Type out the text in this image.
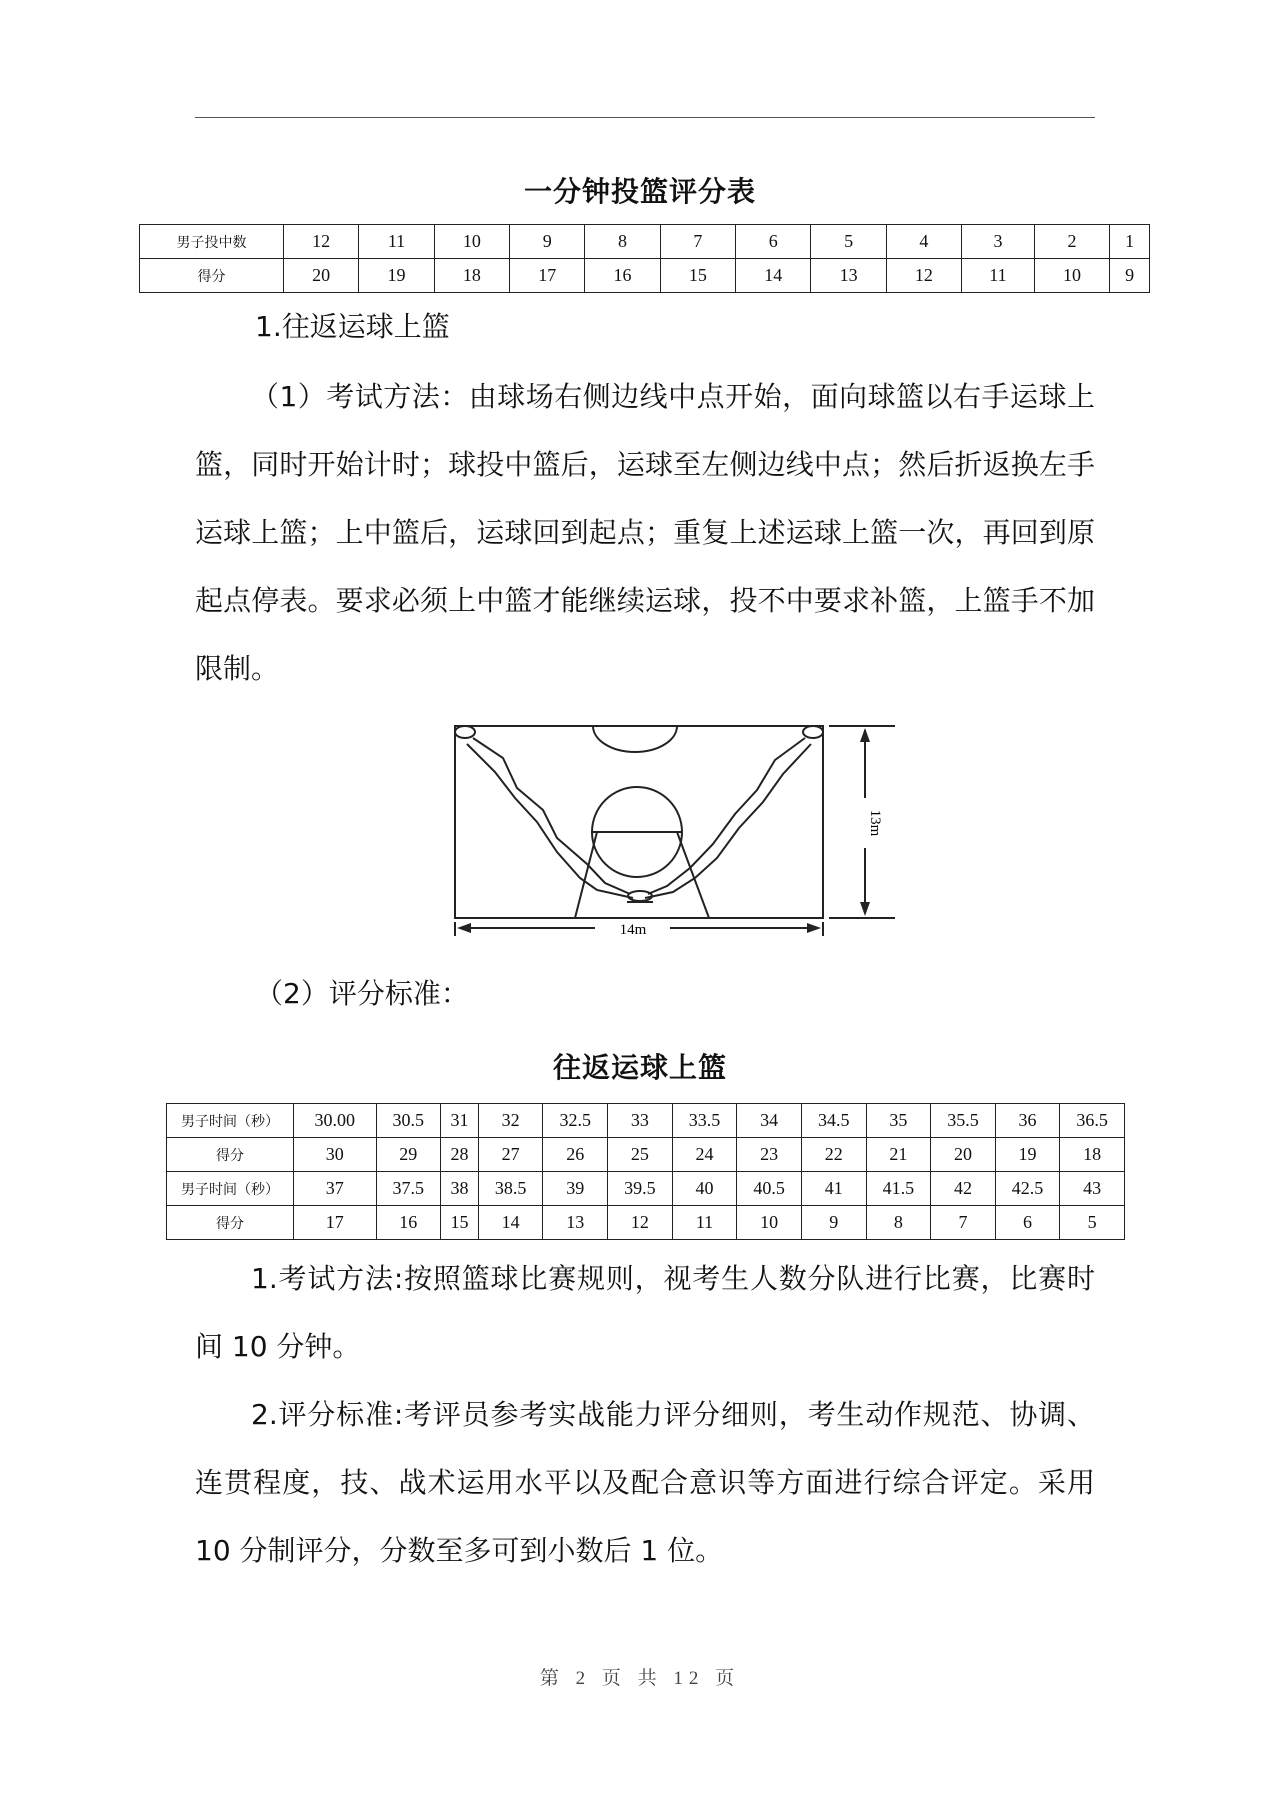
一分钟投篮评分表
男子投中数	12	11	10	9	8	7	6	5	4	3	2	1
得分	20	19	18	17	16	15	14	13	12	11	10	9
1.往返运球上篮
（1）考试方法：由球场右侧边线中点开始，面向球篮以右手运球上篮，同时开始计时；球投中篮后，运球至左侧边线中点；然后折返换左手运球上篮；上中篮后，运球回到起点；重复上述运球上篮一次，再回到原起点停表。要求必须上中篮才能继续运球，投不中要求补篮，上篮手不加限制。
14m
13m
（2）评分标准：
往返运球上篮
男子时间（秒）	30.00	30.5	31	32	32.5	33	33.5	34	34.5	35	35.5	36	36.5
得分	30	29	28	27	26	25	24	23	22	21	20	19	18
男子时间（秒）	37	37.5	38	38.5	39	39.5	40	40.5	41	41.5	42	42.5	43
得分	17	16	15	14	13	12	11	10	9	8	7	6	5
1.考试方法:按照篮球比赛规则，视考生人数分队进行比赛，比赛时间 10 分钟。
2.评分标准:考评员参考实战能力评分细则，考生动作规范、协调、连贯程度，技、战术运用水平以及配合意识等方面进行综合评定。采用 10 分制评分，分数至多可到小数后 1 位。
第 2 页 共 12 页
